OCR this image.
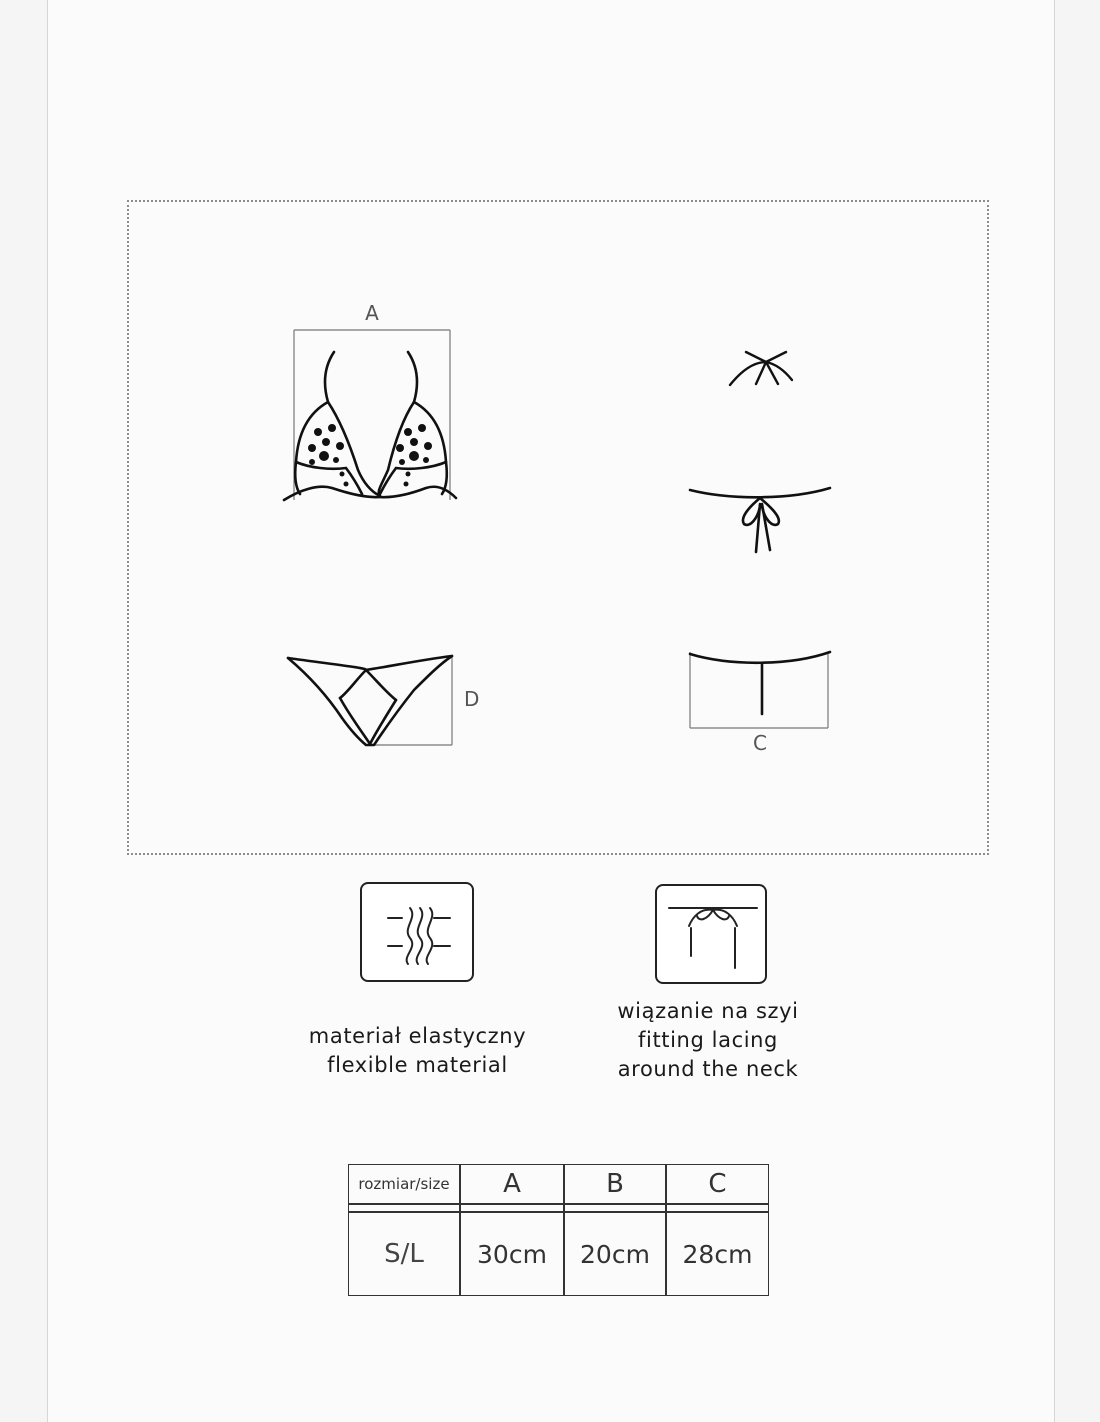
A
D
C
materiał elastyczny
flexible material
wiązanie na szyi
fitting lacing
around the neck
rozmiar/size	A	B	C

S/L	30cm	20cm	28cm
